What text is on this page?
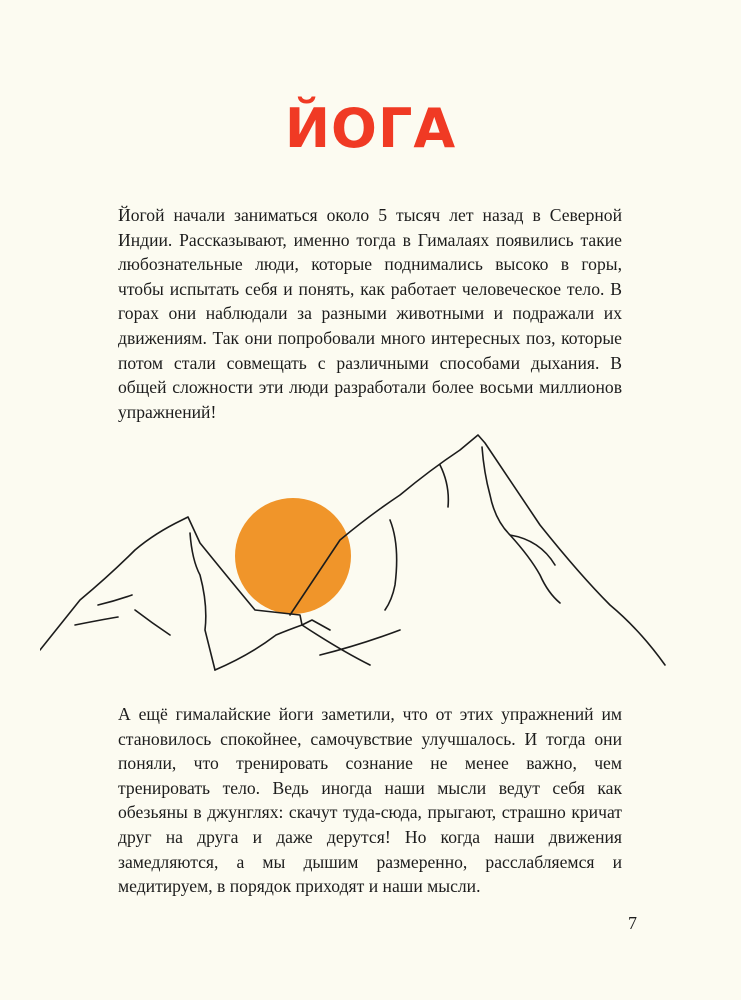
ЙОГА

Йогой начали заниматься около 5 тысяч лет назад в Северной Индии. Рассказывают, именно тогда в Гималаях появились такие любознательные люди, которые поднимались высоко в горы, чтобы испытать себя и понять, как работает человеческое тело. В горах они наблюдали за разными животными и подражали их движениям. Так они попробовали много интересных поз, которые потом стали совмещать с различными способами дыхания. В общей сложности эти люди разработали более восьми миллионов упражнений!

А ещё гималайские йоги заметили, что от этих упражнений им становилось спокойнее, самочувствие улучшалось. И тогда они поняли, что тренировать сознание не менее важно, чем тренировать тело. Ведь иногда наши мысли ведут себя как обезьяны в джунглях: скачут туда-сюда, прыгают, страшно кричат друг на друга и даже дерутся! Но когда наши движения замедляются, а мы дышим размеренно, расслабляемся и медитируем, в порядок приходят и наши мысли.

7
